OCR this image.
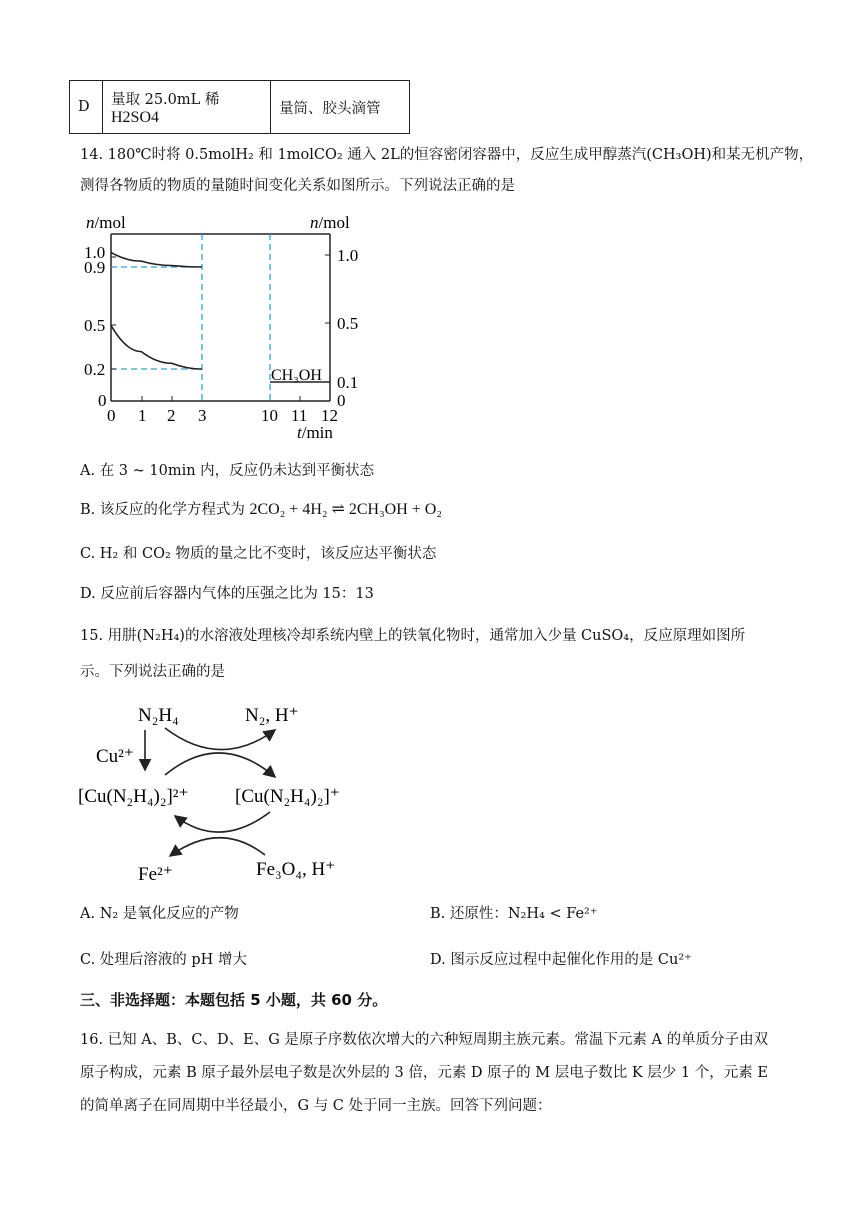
D	量取 25.0mL 稀 H2SO4	量筒、胶头滴管
14. 180℃时将 0.5molH₂ 和 1molCO₂ 通入 2L的恒容密闭容器中，反应生成甲醇蒸汽(CH₃OH)和某无机产物，
测得各物质的物质的量随时间变化关系如图所示。下列说法正确的是
n/mol	n/mol
t/min
1.0
0.9
0.5
0.2
0
1.0
0.5
0.1
0
0 1 2 3	10 11 12
CH₃OH
A. 在 3 ~ 10min 内，反应仍未达到平衡状态
B. 该反应的化学方程式为 2CO₂ + 4H₂ ⇌ 2CH₃OH + O₂
C. H₂ 和 CO₂ 物质的量之比不变时，该反应达平衡状态
D. 反应前后容器内气体的压强之比为 15：13
15. 用肼(N₂H₄)的水溶液处理核冷却系统内壁上的铁氧化物时，通常加入少量 CuSO₄，反应原理如图所
示。下列说法正确的是
N₂H₄	N₂, H⁺
Cu²⁺
[Cu(N₂H₄)₂]²⁺ [Cu(N₂H₄)₂]⁺
Fe²⁺	Fe₃O₄, H⁺
A. N₂ 是氧化反应的产物	B. 还原性：N₂H₄ < Fe²⁺
C. 处理后溶液的 pH 增大	D. 图示反应过程中起催化作用的是 Cu²⁺
三、非选择题：本题包括 5 小题，共 60 分。
16. 已知 A、B、C、D、E、G 是原子序数依次增大的六种短周期主族元素。常温下元素 A 的单质分子由双
原子构成，元素 B 原子最外层电子数是次外层的 3 倍，元素 D 原子的 M 层电子数比 K 层少 1 个，元素 E
的简单离子在同周期中半径最小，G 与 C 处于同一主族。回答下列问题：
